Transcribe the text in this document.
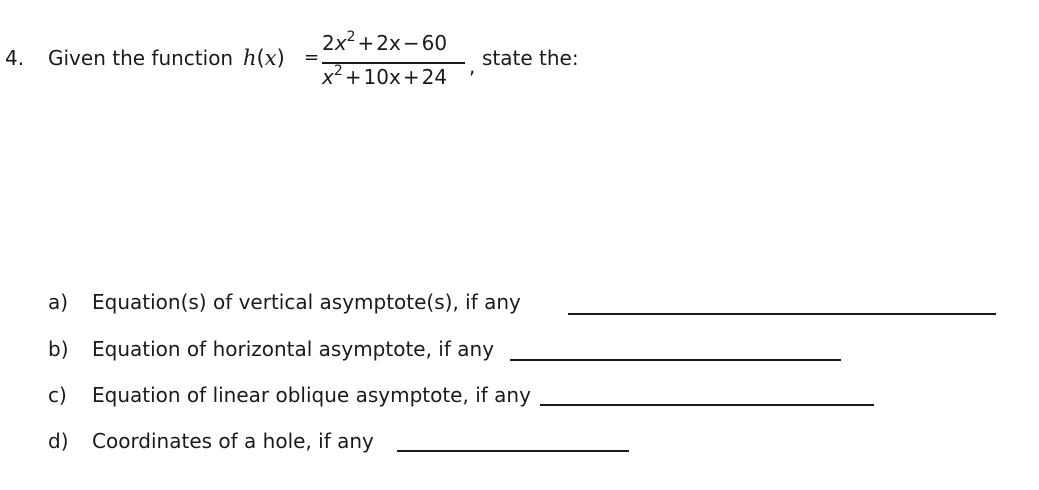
4. Given the function h(x) =
$2x^2 + 2x - 60$
$x^2 + 10x + 24$ , state the:
a) Equation(s) of vertical asymptote(s), if any
b) Equation of horizontal asymptote, if any
c) Equation of linear oblique asymptote, if any
d) Coordinates of a hole, if any
